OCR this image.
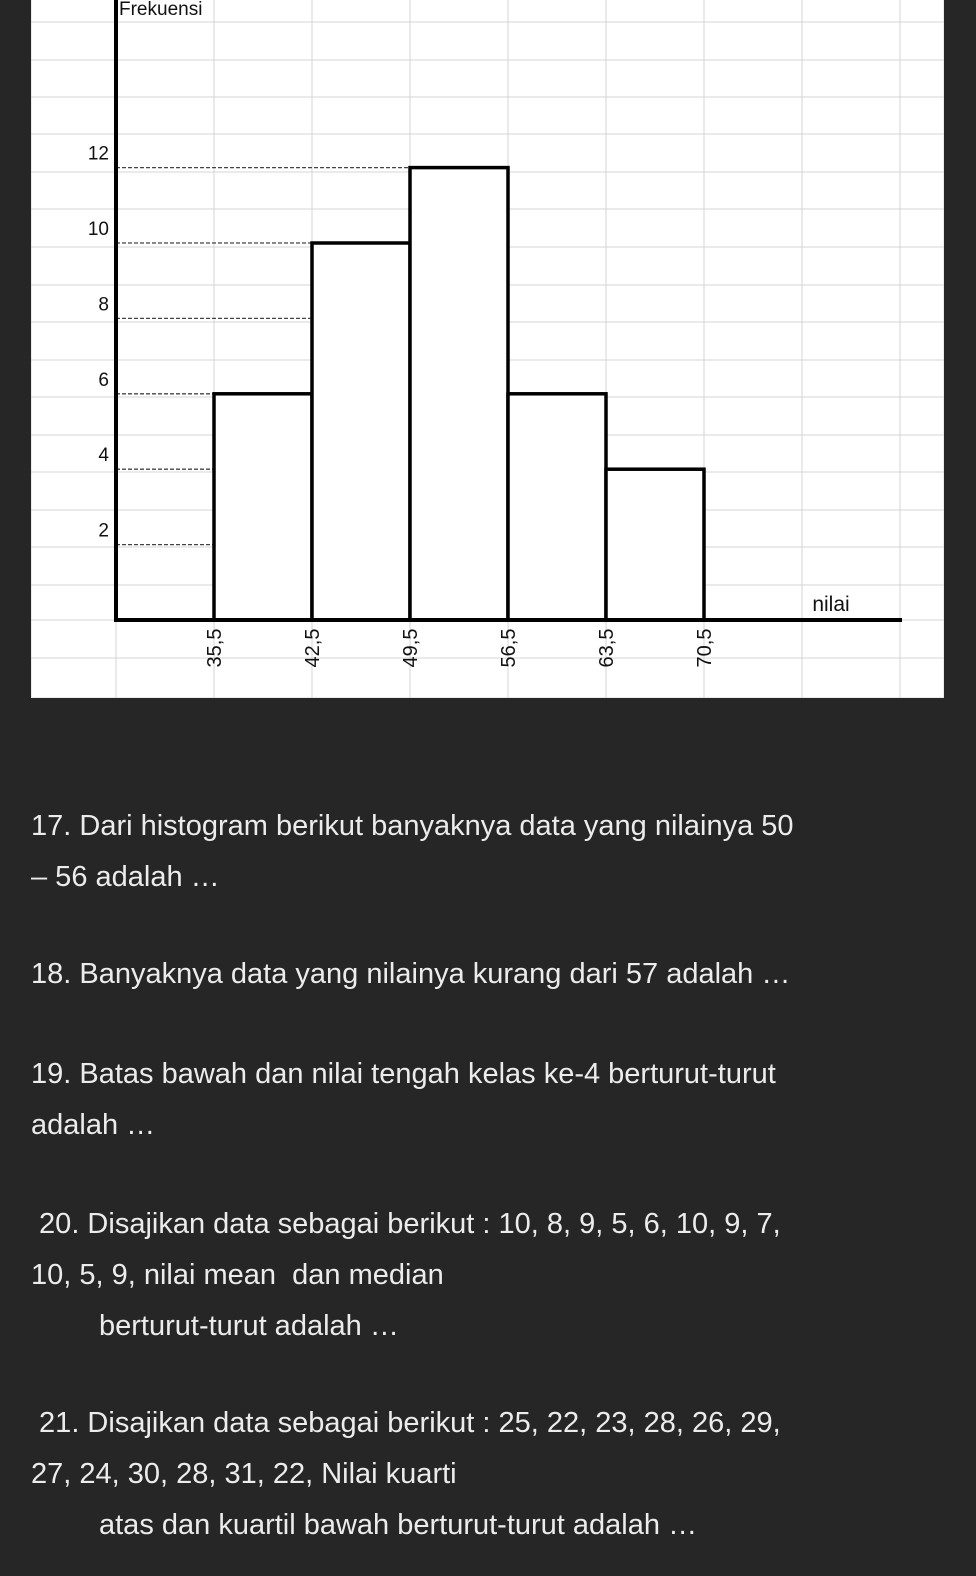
2
4
6
8
10
12
Frekuensi
nilai
35,5	42,5	49,5	56,5	63,5	70,5
17. Dari histogram berikut banyaknya data yang nilainya 50
– 56 adalah …
18. Banyaknya data yang nilainya kurang dari 57 adalah …
19. Batas bawah dan nilai tengah kelas ke-4 berturut-turut
adalah …
20. Disajikan data sebagai berikut : 10, 8, 9, 5, 6, 10, 9, 7,
10, 5, 9, nilai mean  dan median
berturut-turut adalah …
21. Disajikan data sebagai berikut : 25, 22, 23, 28, 26, 29,
27, 24, 30, 28, 31, 22, Nilai kuarti
atas dan kuartil bawah berturut-turut adalah …
